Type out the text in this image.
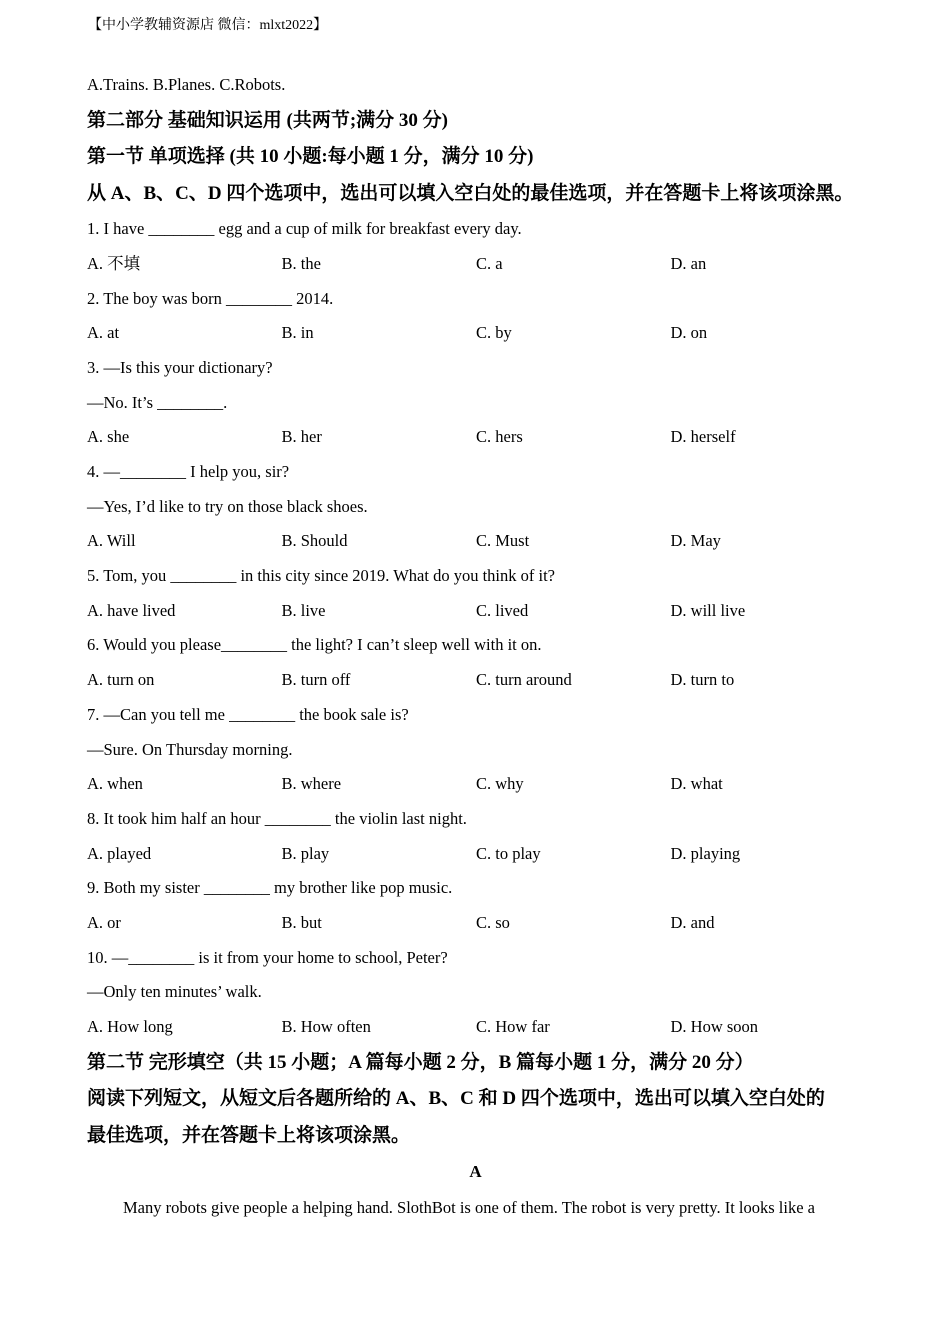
【中小学教辅资源店 微信：mlxt2022】
A.Trains. B.Planes. C.Robots.
第二部分 基础知识运用 (共两节;满分 30 分)
第一节 单项选择 (共 10 小题:每小题 1 分，满分 10 分)
从 A、B、C、D 四个选项中，选出可以填入空白处的最佳选项，并在答题卡上将该项涂黑。
1. I have ________ egg and a cup of milk for breakfast every day.
A. 不填	B. the	C. a	D. an
2. The boy was born ________ 2014.
A. at	B. in	C. by	D. on
3. —Is this your dictionary?
—No. It’s ________.
A. she	B. her	C. hers	D. herself
4. —________ I help you, sir?
—Yes, I’d like to try on those black shoes.
A. Will	B. Should	C. Must	D. May
5. Tom, you ________ in this city since 2019. What do you think of it?
A. have lived	B. live	C. lived	D. will live
6. Would you please________ the light? I can’t sleep well with it on.
A. turn on	B. turn off	C. turn around	D. turn to
7. —Can you tell me ________ the book sale is?
—Sure. On Thursday morning.
A. when	B. where	C. why	D. what
8. It took him half an hour ________ the violin last night.
A. played	B. play	C. to play	D. playing
9. Both my sister ________ my brother like pop music.
A. or	B. but	C. so	D. and
10. —________ is it from your home to school, Peter?
—Only ten minutes’ walk.
A. How long	B. How often	C. How far	D. How soon
第二节 完形填空（共 15 小题；A 篇每小题 2 分，B 篇每小题 1 分，满分 20 分）
阅读下列短文，从短文后各题所给的 A、B、C 和 D 四个选项中，选出可以填入空白处的
最佳选项，并在答题卡上将该项涂黑。
A
Many robots give people a helping hand. SlothBot is one of them. The robot is very pretty. It looks like a
